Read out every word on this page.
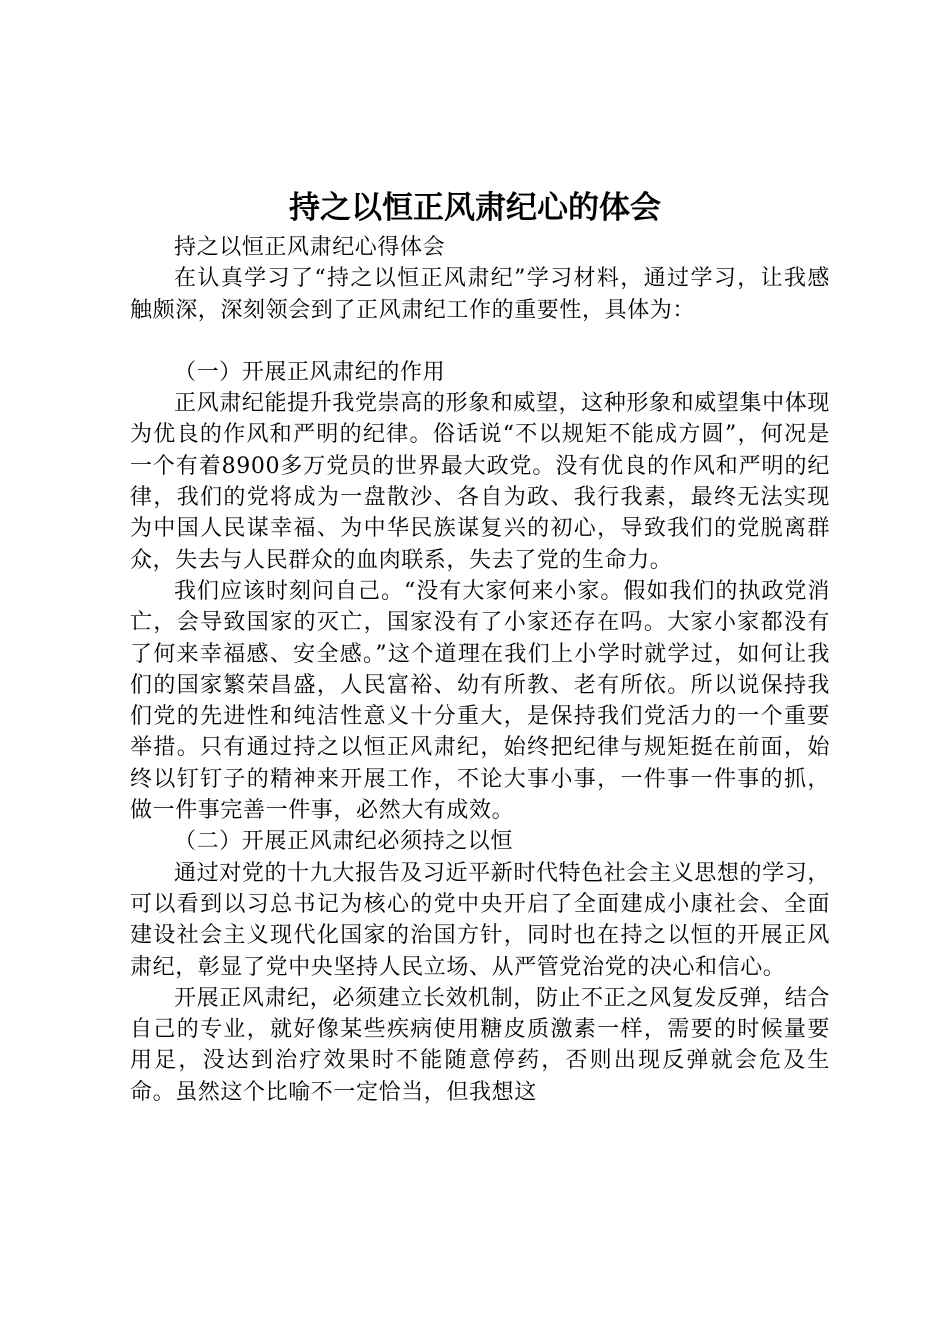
持之以恒正风肃纪心的体会

持之以恒正风肃纪心得体会

在认真学习了“持之以恒正风肃纪”学习材料，通过学习，让我感触颇深，深刻领会到了正风肃纪工作的重要性，具体为：

（一）开展正风肃纪的作用

正风肃纪能提升我党崇高的形象和威望，这种形象和威望集中体现为优良的作风和严明的纪律。俗话说“不以规矩不能成方圆”，何况是一个有着8900多万党员的世界最大政党。没有优良的作风和严明的纪律，我们的党将成为一盘散沙、各自为政、我行我素，最终无法实现为中国人民谋幸福、为中华民族谋复兴的初心，导致我们的党脱离群众，失去与人民群众的血肉联系，失去了党的生命力。

我们应该时刻问自己。“没有大家何来小家。假如我们的执政党消亡，会导致国家的灭亡，国家没有了小家还存在吗。大家小家都没有了何来幸福感、安全感。”这个道理在我们上小学时就学过，如何让我们的国家繁荣昌盛，人民富裕、幼有所教、老有所依。所以说保持我们党的先进性和纯洁性意义十分重大，是保持我们党活力的一个重要举措。只有通过持之以恒正风肃纪，始终把纪律与规矩挺在前面，始终以钉钉子的精神来开展工作，不论大事小事，一件事一件事的抓，做一件事完善一件事，必然大有成效。

（二）开展正风肃纪必须持之以恒

通过对党的十九大报告及习近平新时代特色社会主义思想的学习，可以看到以习总书记为核心的党中央开启了全面建成小康社会、全面建设社会主义现代化国家的治国方针，同时也在持之以恒的开展正风肃纪，彰显了党中央坚持人民立场、从严管党治党的决心和信心。

开展正风肃纪，必须建立长效机制，防止不正之风复发反弹，结合自己的专业，就好像某些疾病使用糖皮质激素一样，需要的时候量要用足，没达到治疗效果时不能随意停药，否则出现反弹就会危及生命。虽然这个比喻不一定恰当，但我想这
